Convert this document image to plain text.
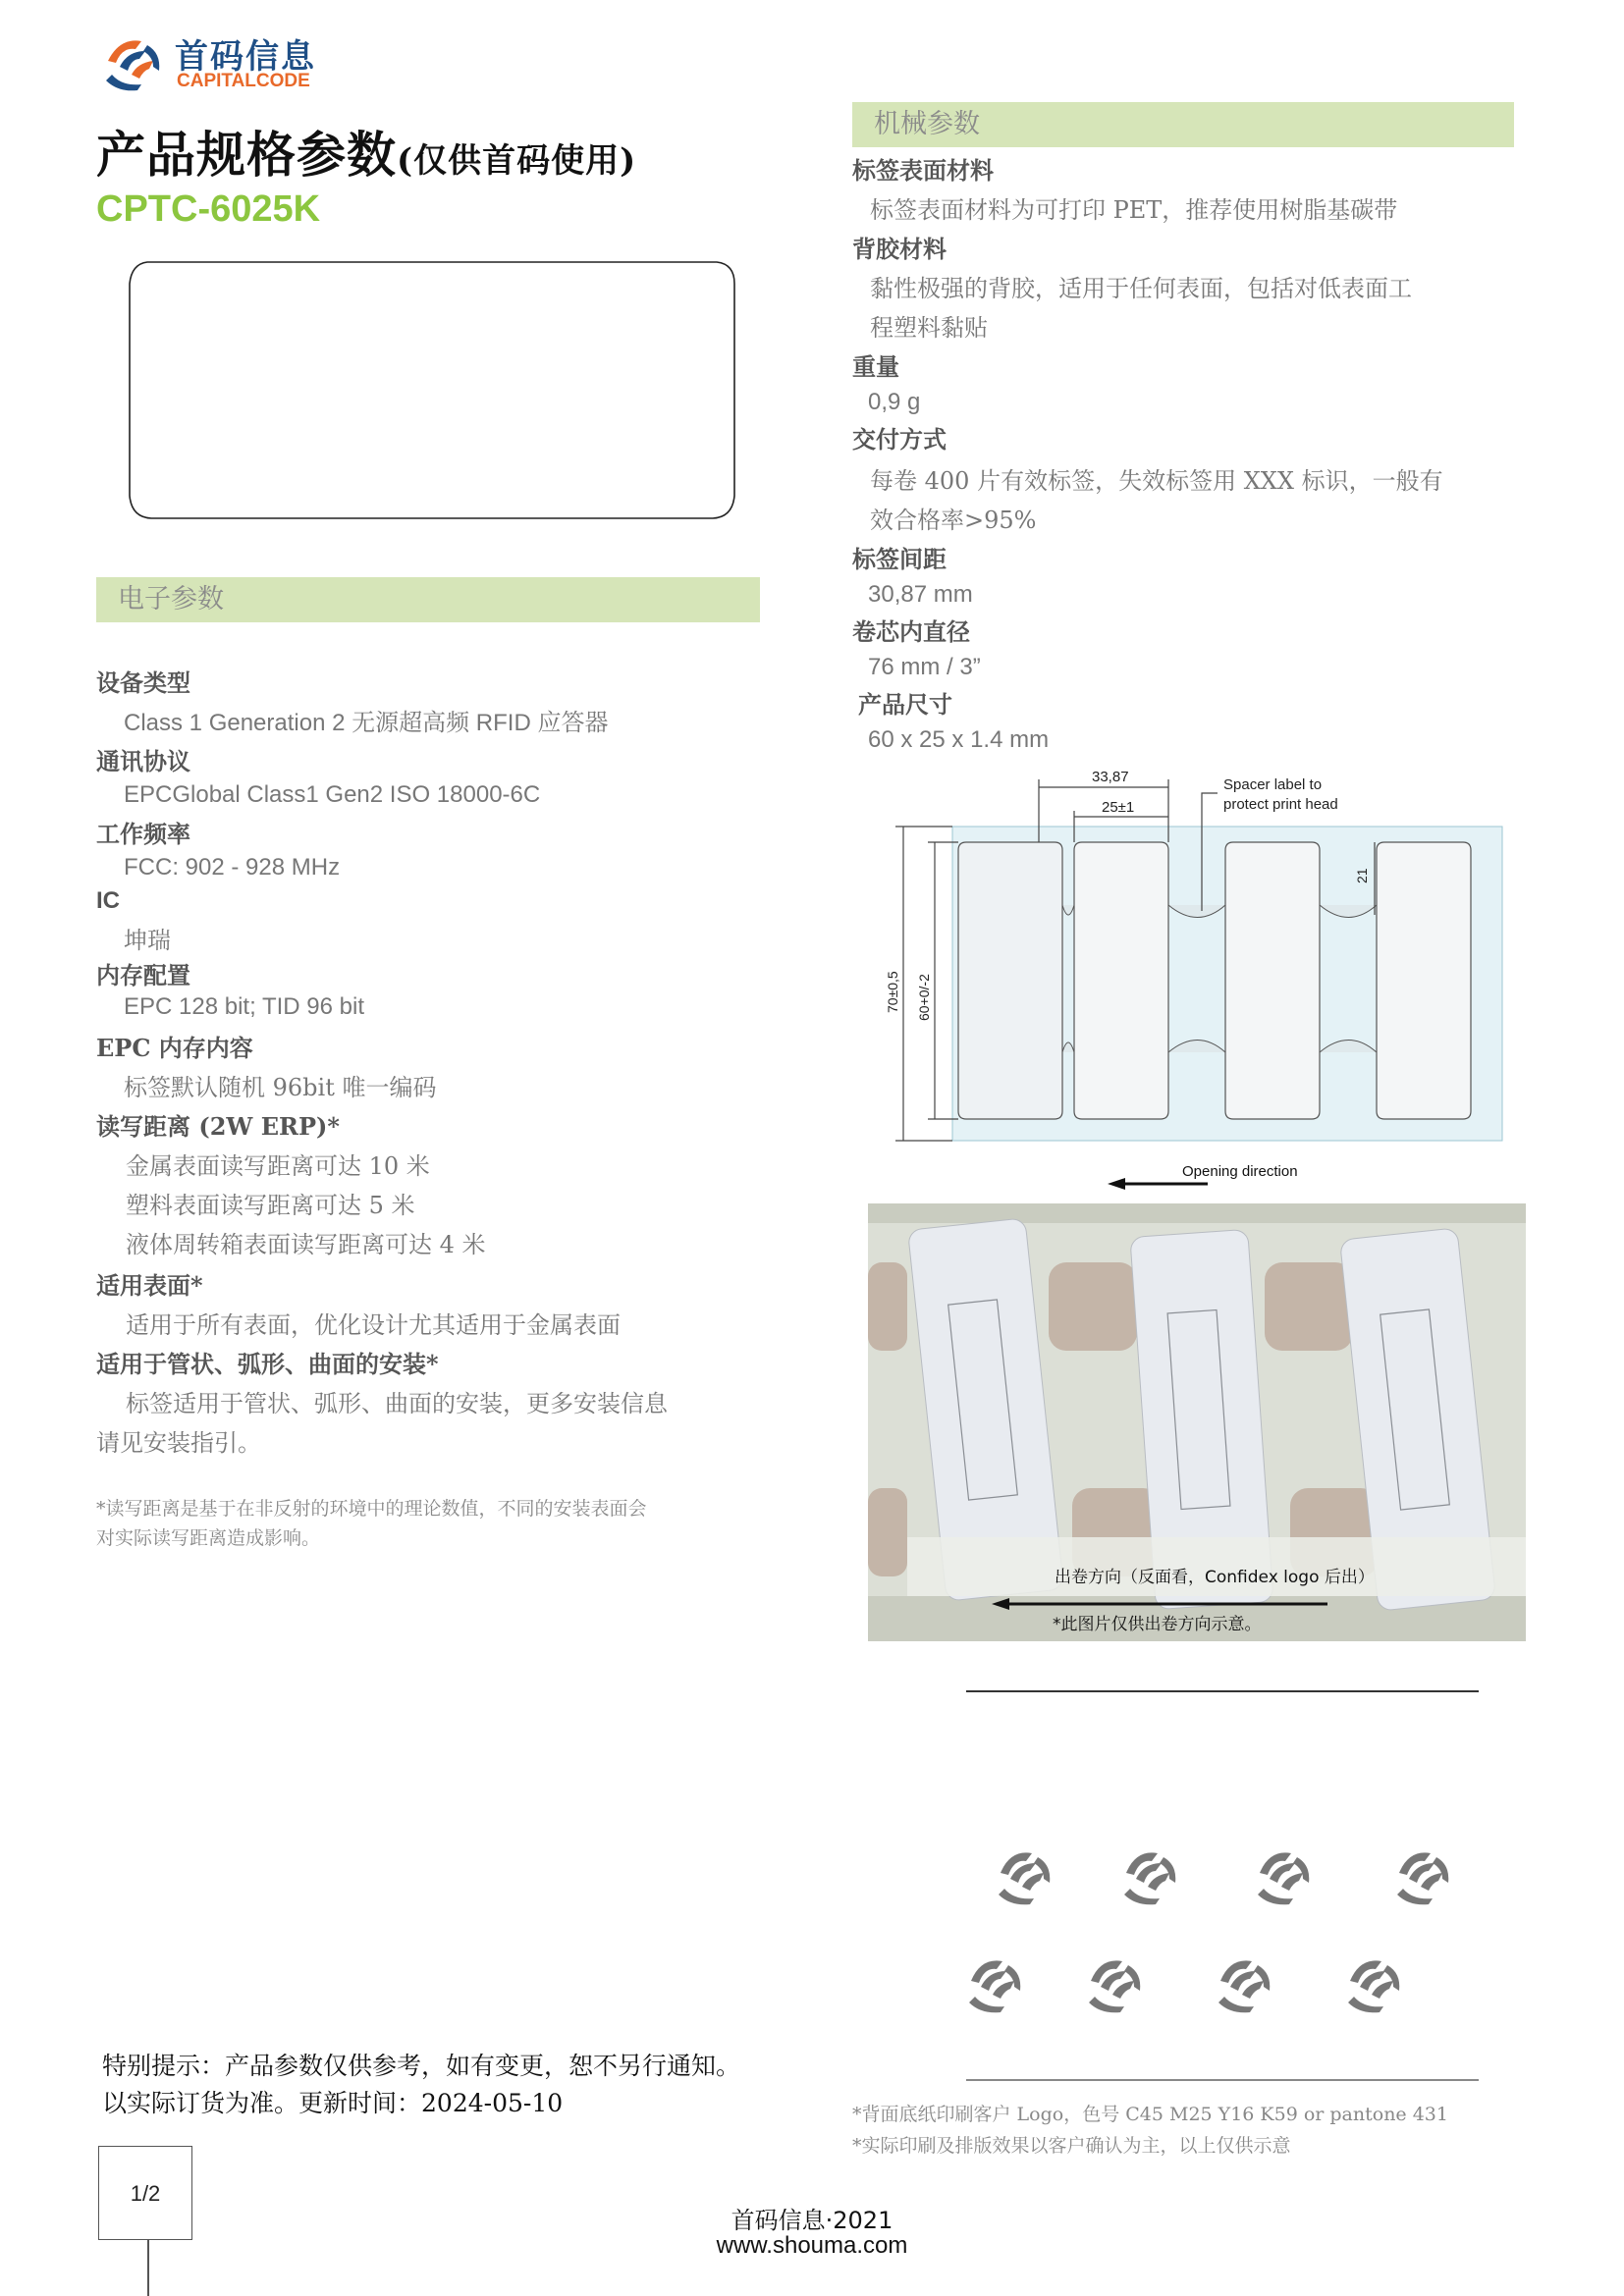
首码信息
CAPITALCODE
产品规格参数(仅供首码使用)
CPTC-6025K
电子参数
设备类型
Class 1 Generation 2 无源超高频 RFID 应答器
通讯协议
EPCGlobal Class1 Gen2 ISO 18000-6C
工作频率
FCC: 902 - 928 MHz
IC
坤瑞
内存配置
EPC 128 bit; TID 96 bit
EPC 内存内容
标签默认随机 96bit 唯一编码
读写距离 (2W ERP)*
金属表面读写距离可达 10 米
塑料表面读写距离可达 5 米
液体周转箱表面读写距离可达 4 米
适用表面*
适用于所有表面，优化设计尤其适用于金属表面
适用于管状、弧形、曲面的安装*
标签适用于管状、弧形、曲面的安装，更多安装信息
请见安装指引。
*读写距离是基于在非反射的环境中的理论数值，不同的安装表面会
对实际读写距离造成影响。
机械参数
标签表面材料
标签表面材料为可打印 PET，推荐使用树脂基碳带
背胶材料
黏性极强的背胶，适用于任何表面，包括对低表面工
程塑料黏贴
重量
0,9 g
交付方式
每卷 400 片有效标签，失效标签用 XXX 标识，一般有
效合格率>95%
标签间距
30,87 mm
卷芯内直径
76 mm / 3”
产品尺寸
60 x 25 x 1.4 mm
33,87
25±1
Spacer label to
protect print head
21
70±0,5 60+0/-2
Opening direction
出卷方向（反面看，Confidex logo 后出）
*此图片仅供出卷方向示意。
*背面底纸印刷客户 Logo，色号 C45 M25 Y16 K59 or pantone 431
*实际印刷及排版效果以客户确认为主，以上仅供示意
特别提示：产品参数仅供参考，如有变更，恕不另行通知。
以实际订货为准。更新时间：2024-05-10
1/2
首码信息·2021
www.shouma.com
